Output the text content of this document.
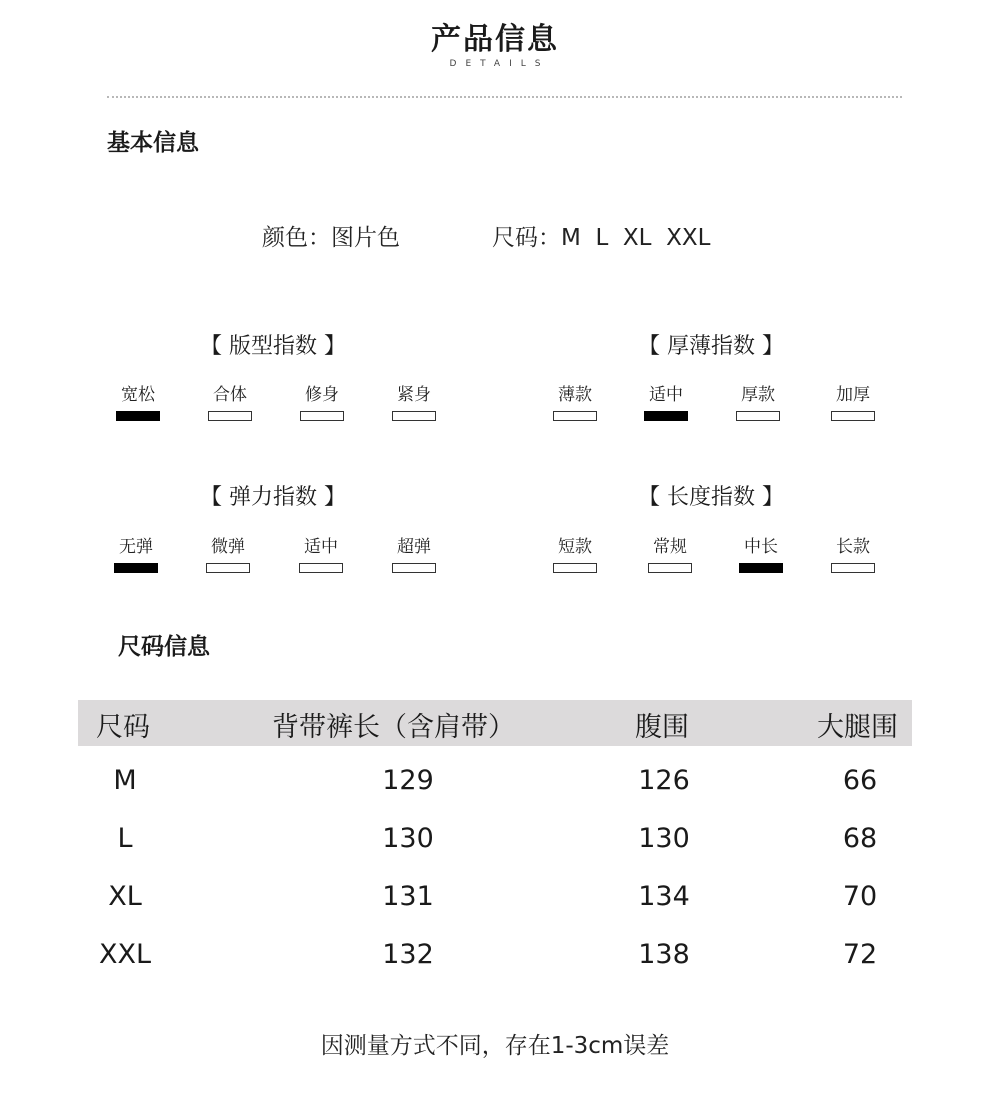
产品信息
DETAILS
基本信息
颜色：图片色	尺码：M  L  XL  XXL
【 版型指数 】
宽松	合体	修身	紧身
【 厚薄指数 】
薄款	适中	厚款	加厚
【 弹力指数 】
无弹	微弹	适中	超弹
【 长度指数 】
短款	常规	中长	长款
尺码信息
尺码	背带裤长（含肩带）	腹围	大腿围
M	129	126	66
L	130	130	68
XL	131	134	70
XXL	132	138	72
因测量方式不同，存在1-3cm误差
